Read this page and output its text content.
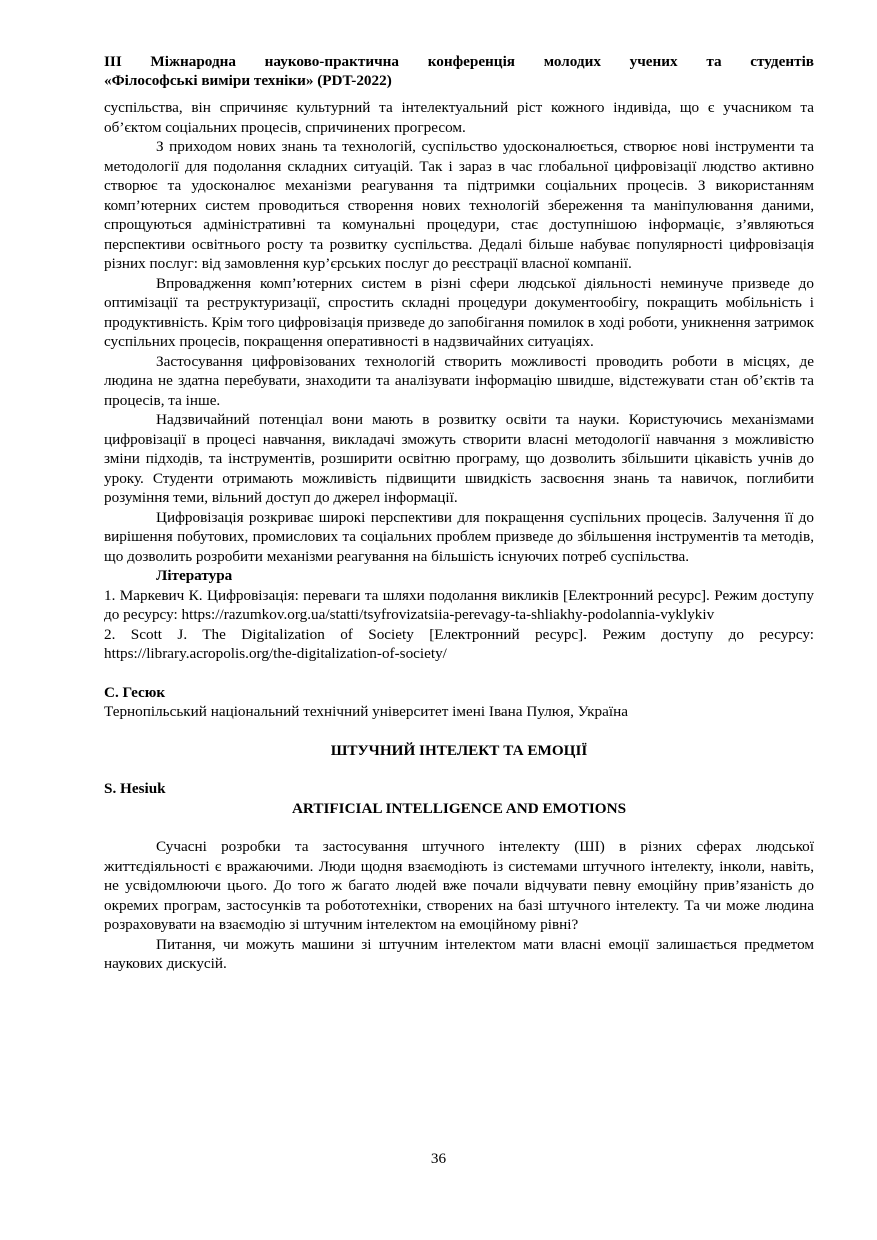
III Міжнародна науково-практична конференція молодих учених та студентів
«Філософські виміри техніки» (PDT-2022)

суспільства, він спричиняє культурний та інтелектуальний ріст кожного індивіда, що є учасником та об’єктом соціальних процесів, спричинених прогресом.

З приходом нових знань та технологій, суспільство удосконалюється, створює нові інструменти та методології для подолання складних ситуацій. Так і зараз в час глобальної цифровізації людство активно створює та удосконалює механізми реагування та підтримки соціальних процесів. З використанням комп’ютерних систем проводиться створення нових технологій збереження та маніпулювання даними, спрощуються адміністративні та комунальні процедури, стає доступнішою інформаціє, з’являються перспективи освітнього росту та розвитку суспільства. Дедалі більше набуває популярності цифровізація різних послуг: від замовлення кур’єрських послуг до реєстрації власної компанії.

Впровадження комп’ютерних систем в різні сфери людської діяльності неминуче призведе до оптимізації та реструктуризації, спростить складні процедури документообігу, покращить мобільність і продуктивність. Крім того цифровізація призведе до запобігання помилок в ході роботи, уникнення затримок суспільних процесів, покращення оперативності в надзвичайних ситуаціях.

Застосування цифровізованих технологій створить можливості проводить роботи в місцях, де людина не здатна перебувати, знаходити та аналізувати інформацію швидше, відстежувати стан об’єктів та процесів, та інше.

Надзвичайний потенціал вони мають в розвитку освіти та науки. Користуючись механізмами цифровізації в процесі навчання, викладачі зможуть створити власні методології навчання з можливістю зміни підходів, та інструментів, розширити освітню програму, що дозволить збільшити цікавість учнів до уроку. Студенти отримають можливість підвищити швидкість засвоєння знань та навичок, поглибити розуміння теми, вільний доступ до джерел інформації.

Цифровізація розкриває широкі перспективи для покращення суспільних процесів. Залучення її до вирішення побутових, промислових та соціальних проблем призведе до збільшення інструментів та методів, що дозволить розробити механізми реагування на більшість існуючих потреб суспільства.

Література
1. Маркевич К. Цифровізація: переваги та шляхи подолання викликів [Електронний ресурс]. Режим доступу до ресурсу: https://razumkov.org.ua/statti/tsyfrovizatsiia-perevagy-ta-shliakhy-podolannia-vyklykiv
2. Scott J. The Digitalization of Society [Електронний ресурс]. Режим доступу до ресурсу: https://library.acropolis.org/the-digitalization-of-society/
С. Гесюк

Тернопільський національний технічний університет імені Івана Пулюя, Україна

ШТУЧНИЙ ІНТЕЛЕКТ ТА ЕМОЦІЇ
S. Hesiuk
ARTIFICIAL INTELLIGENCE AND EMOTIONS

Сучасні розробки та застосування штучного інтелекту (ШІ) в різних сферах людської життєдіяльності є вражаючими. Люди щодня взаємодіють із системами штучного інтелекту, інколи, навіть, не усвідомлюючи цього. До того ж багато людей вже почали відчувати певну емоційну прив’язаність до окремих програм, застосунків та робототехніки, створених на базі штучного інтелекту. Та чи може людина розраховувати на взаємодію зі штучним інтелектом на емоційному рівні?

Питання, чи можуть машини зі штучним інтелектом мати власні емоції залишається предметом наукових дискусій.

36
